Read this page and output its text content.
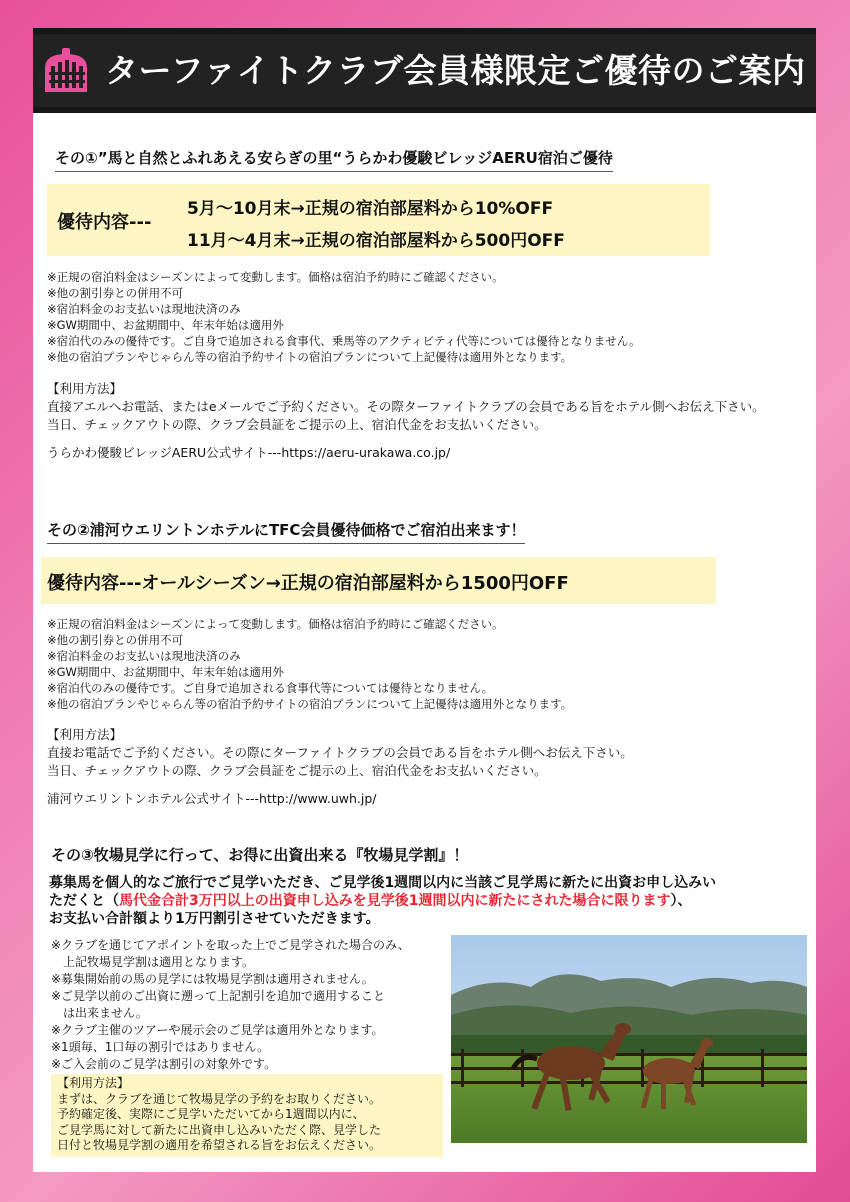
ターファイトクラブ会員様限定ご優待のご案内
その①”馬と自然とふれあえる安らぎの里“うらかわ優駿ビレッジAERU宿泊ご優待
優待内容---
5月～10月末→正規の宿泊部屋料から10%OFF
11月～4月末→正規の宿泊部屋料から500円OFF
※正規の宿泊料金はシーズンによって変動します。価格は宿泊予約時にご確認ください。
※他の割引券との併用不可
※宿泊料金のお支払いは現地決済のみ
※GW期間中、お盆期間中、年末年始は適用外
※宿泊代のみの優待です。ご自身で追加される食事代、乗馬等のアクティビティ代等については優待となりません。
※他の宿泊プランやじゃらん等の宿泊予約サイトの宿泊プランについて上記優待は適用外となります。
【利用方法】
直接アエルへお電話、またはeメールでご予約ください。その際ターファイトクラブの会員である旨をホテル側へお伝え下さい。
当日、チェックアウトの際、クラブ会員証をご提示の上、宿泊代金をお支払いください。
うらかわ優駿ビレッジAERU公式サイト---https://aeru-urakawa.co.jp/
その②浦河ウエリントンホテルにTFC会員優待価格でご宿泊出来ます！
優待内容---オールシーズン→正規の宿泊部屋料から1500円OFF
※正規の宿泊料金はシーズンによって変動します。価格は宿泊予約時にご確認ください。
※他の割引券との併用不可
※宿泊料金のお支払いは現地決済のみ
※GW期間中、お盆期間中、年末年始は適用外
※宿泊代のみの優待です。ご自身で追加される食事代等については優待となりません。
※他の宿泊プランやじゃらん等の宿泊予約サイトの宿泊プランについて上記優待は適用外となります。
【利用方法】
直接お電話でご予約ください。その際にターファイトクラブの会員である旨をホテル側へお伝え下さい。
当日、チェックアウトの際、クラブ会員証をご提示の上、宿泊代金をお支払いください。
浦河ウエリントンホテル公式サイト---http://www.uwh.jp/
その③牧場見学に行って、お得に出資出来る『牧場見学割』！
募集馬を個人的なご旅行でご見学いただき、ご見学後1週間以内に当該ご見学馬に新たに出資お申し込みい
ただくと（馬代金合計3万円以上の出資申し込みを見学後1週間以内に新たにされた場合に限ります）、
お支払い合計額より1万円割引させていただきます。
※クラブを通じてアポイントを取った上でご見学された場合のみ、
　上記牧場見学割は適用となります。
※募集開始前の馬の見学には牧場見学割は適用されません。
※ご見学以前のご出資に遡って上記割引を追加で適用すること
　は出来ません。
※クラブ主催のツアーや展示会のご見学は適用外となります。
※1頭毎、1口毎の割引ではありません。
※ご入会前のご見学は割引の対象外です。
【利用方法】
まずは、クラブを通じて牧場見学の予約をお取りください。
予約確定後、実際にご見学いただいてから1週間以内に、
ご見学馬に対して新たに出資申し込みいただく際、見学した
日付と牧場見学割の適用を希望される旨をお伝えください。
